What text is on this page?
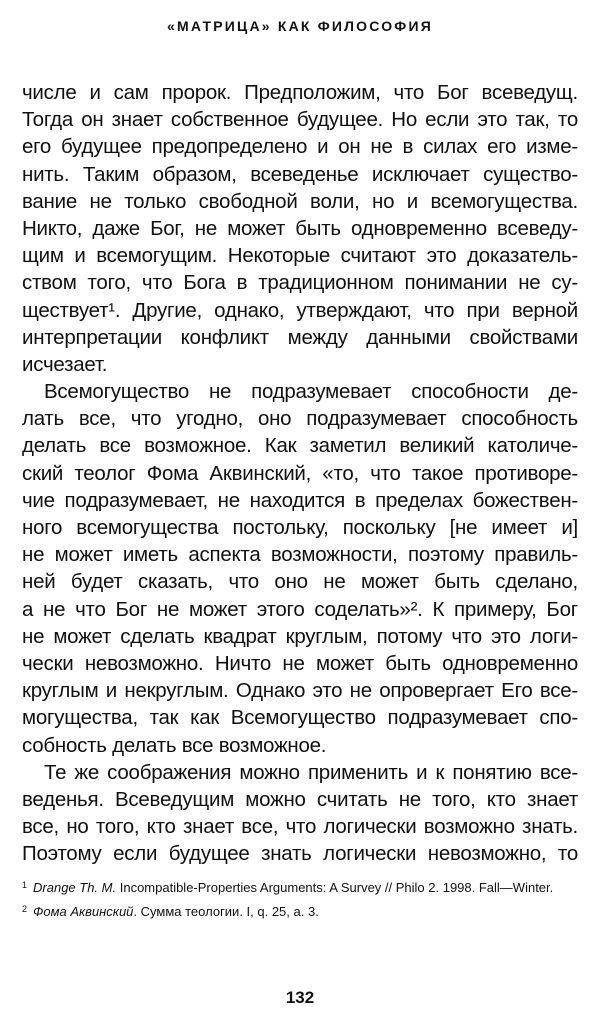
«МАТРИЦА» КАК ФИЛОСОФИЯ
числе и сам пророк. Предположим, что Бог всеведущ.
Тогда он знает собственное будущее. Но если это так, то
его будущее предопределено и он не в силах его изме-
нить. Таким образом, всеведенье исключает существо-
вание не только свободной воли, но и всемогущества.
Никто, даже Бог, не может быть одновременно всеведу-
щим и всемогущим. Некоторые считают это доказатель-
ством того, что Бога в традиционном понимании не су-
ществует¹. Другие, однако, утверждают, что при верной
интерпретации конфликт между данными свойствами
исчезает.
Всемогущество не подразумевает способности де-
лать все, что угодно, оно подразумевает способность
делать все возможное. Как заметил великий католиче-
ский теолог Фома Аквинский, «то, что такое противоре-
чие подразумевает, не находится в пределах божествен-
ного всемогущества постольку, поскольку [не имеет и]
не может иметь аспекта возможности, поэтому правиль-
ней будет сказать, что оно не может быть сделано,
а не что Бог не может этого соделать»². К примеру, Бог
не может сделать квадрат круглым, потому что это логи-
чески невозможно. Ничто не может быть одновременно
круглым и некруглым. Однако это не опровергает Его все-
могущества, так как Всемогущество подразумевает спо-
собность делать все возможное.
Те же соображения можно применить и к понятию все-
веденья. Всеведущим можно считать не того, кто знает
все, но того, кто знает все, что логически возможно знать.
Поэтому если будущее знать логически невозможно, то
$^1$ Drange Th. M. Incompatible-Properties Arguments: A Survey // Philo 2. 1998. Fall—Winter.
$^2$ Фома Аквинский. Сумма теологии. I, q. 25, a. 3.
132
